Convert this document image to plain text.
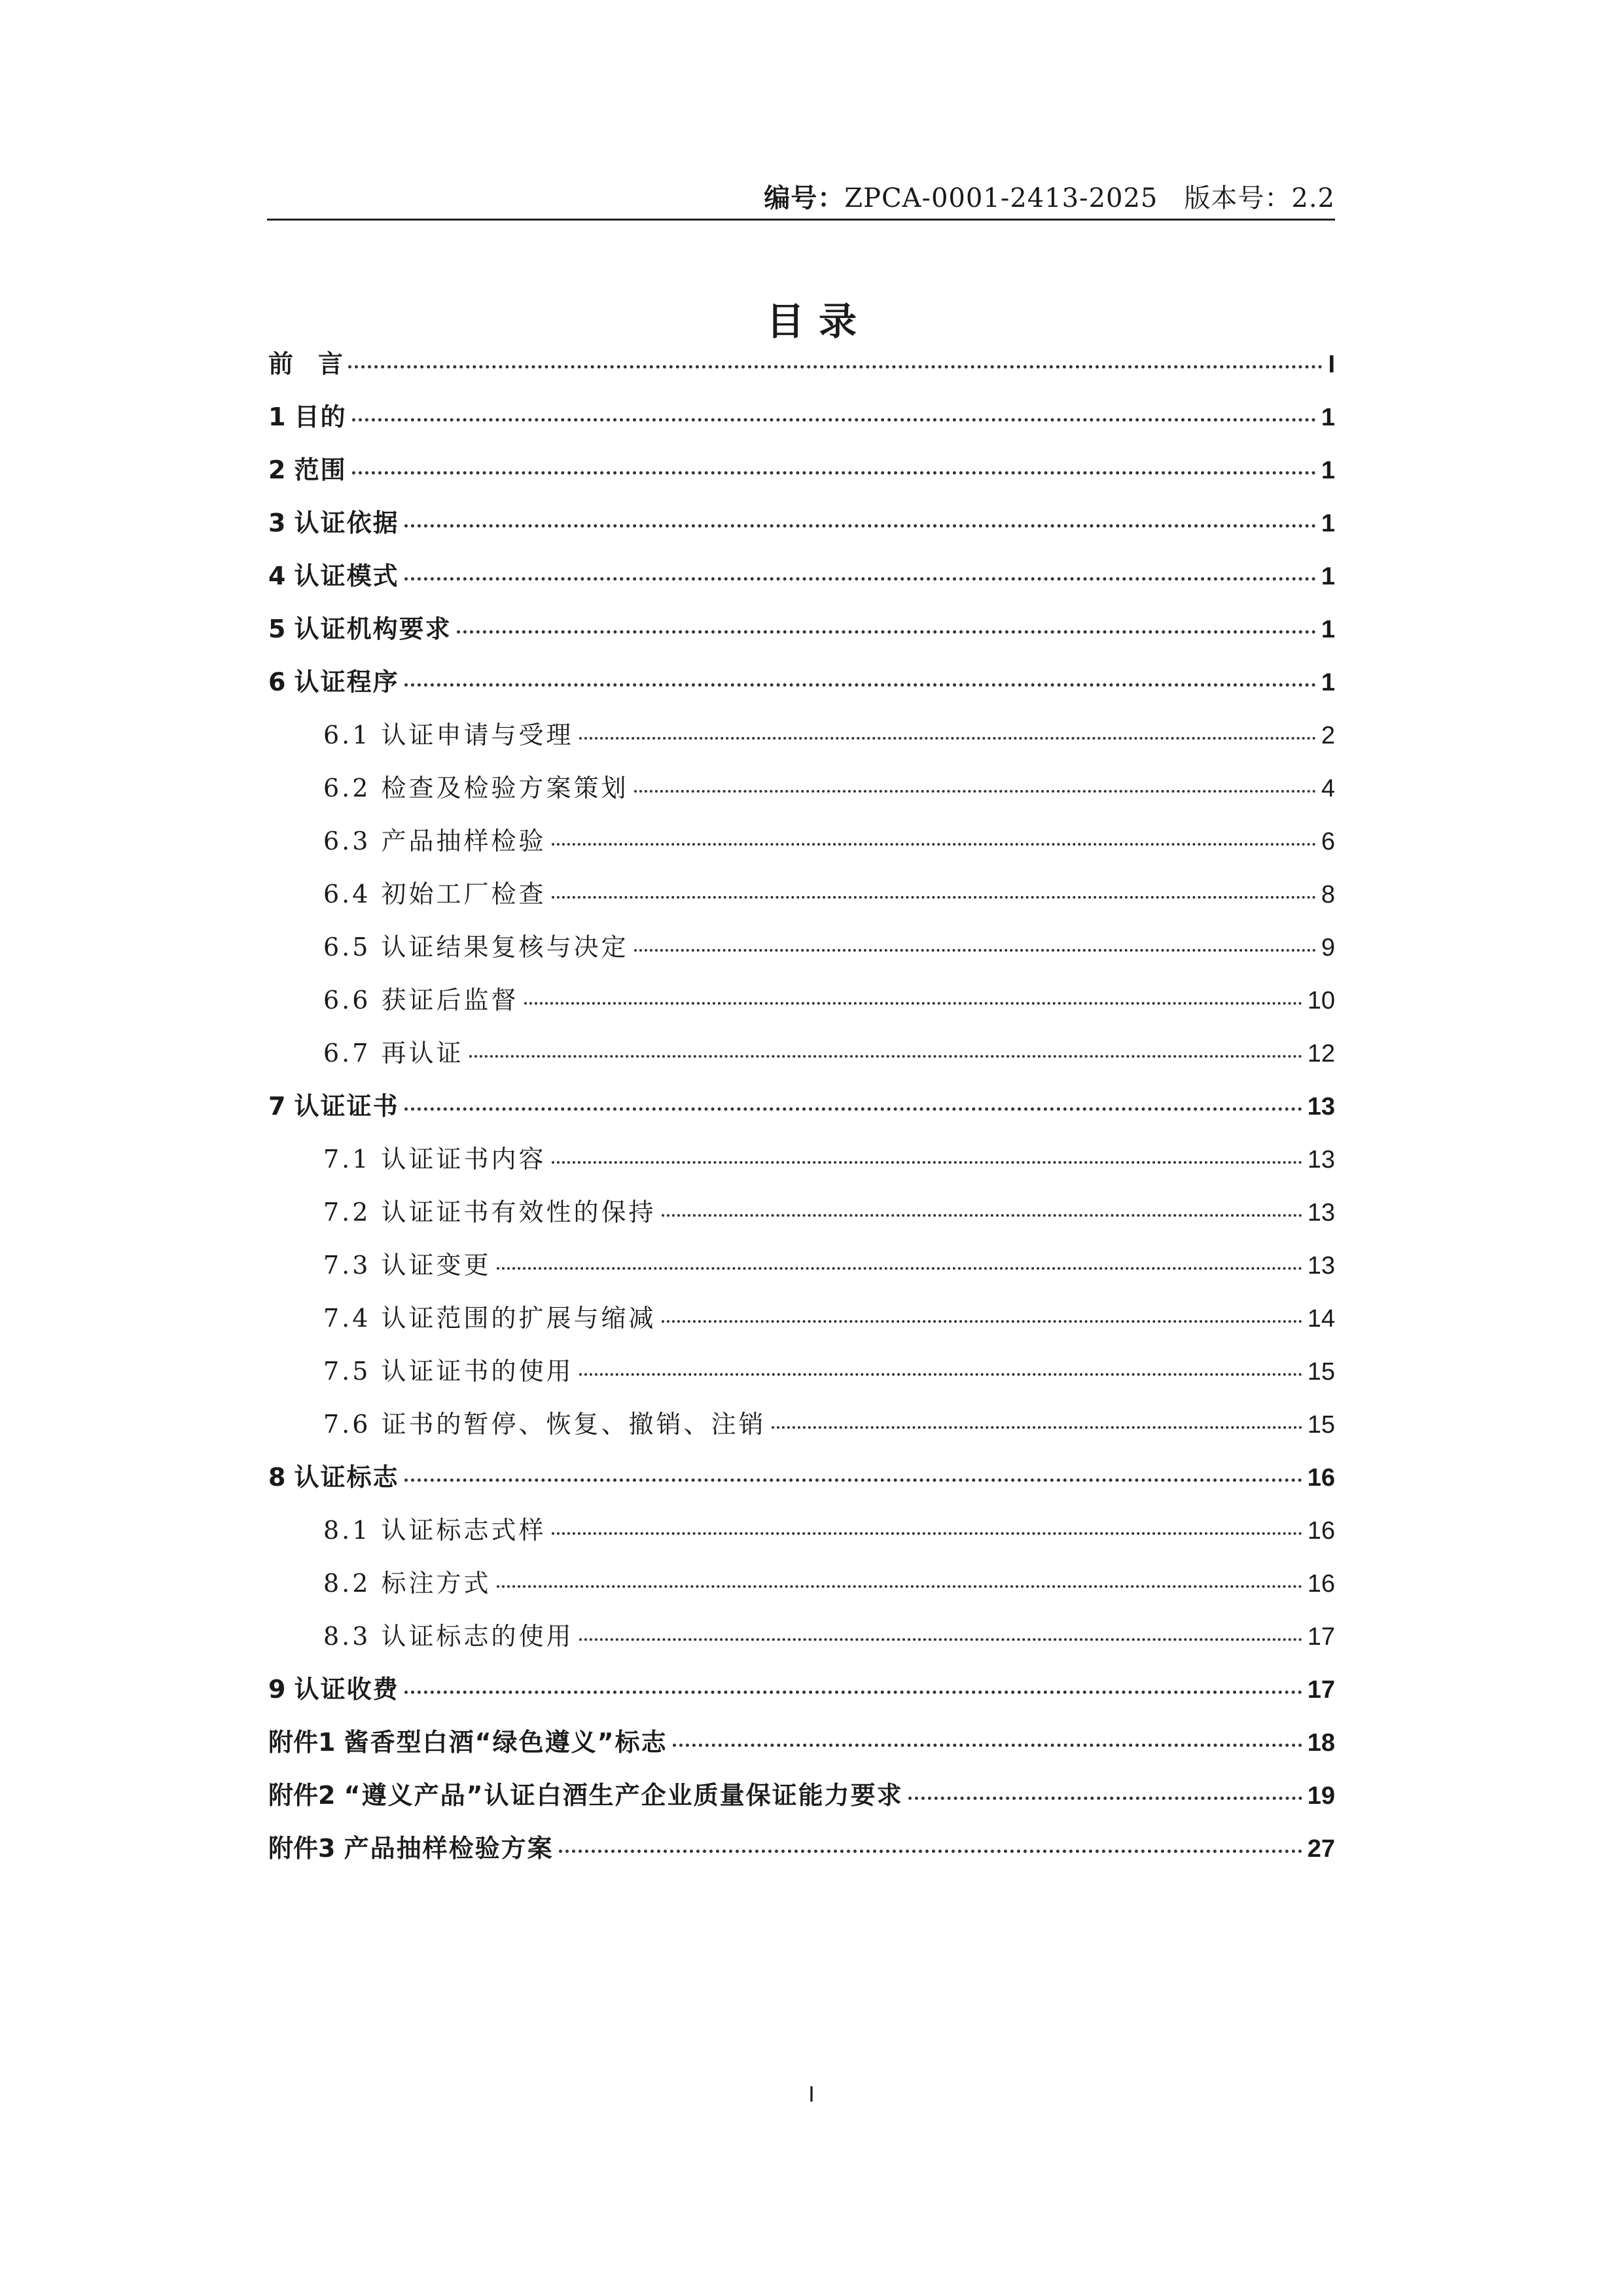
编号：ZPCA-0001-2413-2025 版本号：2.2
目录
前　言	I
1 目的	1
2 范围	1
3 认证依据	1
4 认证模式	1
5 认证机构要求	1
6 认证程序	1
6.1 认证申请与受理	2
6.2 检查及检验方案策划	4
6.3 产品抽样检验	6
6.4 初始工厂检查	8
6.5 认证结果复核与决定	9
6.6 获证后监督	10
6.7 再认证	12
7 认证证书	13
7.1 认证证书内容	13
7.2 认证证书有效性的保持	13
7.3 认证变更	13
7.4 认证范围的扩展与缩减	14
7.5 认证证书的使用	15
7.6 证书的暂停、恢复、撤销、注销	15
8 认证标志	16
8.1 认证标志式样	16
8.2 标注方式	16
8.3 认证标志的使用	17
9 认证收费	17
附件1 酱香型白酒“绿色遵义”标志	18
附件2 “遵义产品”认证白酒生产企业质量保证能力要求	19
附件3 产品抽样检验方案	27
I
